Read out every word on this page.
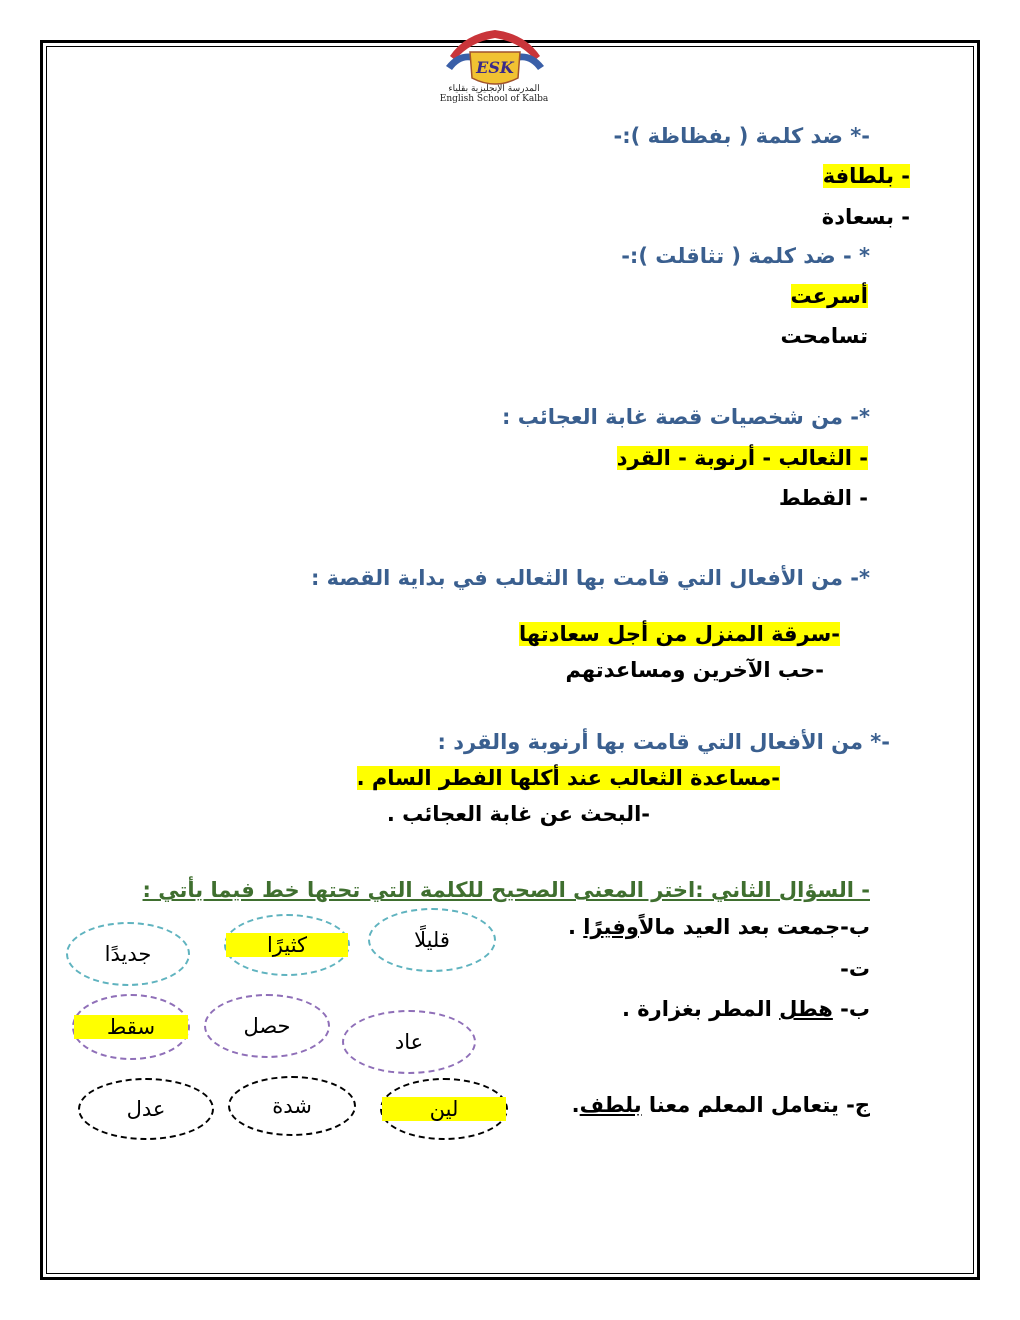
ESK
المدرسة الإنجليزية بقلياء
English School of Kalba
-* ضد كلمة ( بفظاظة ):-
- بلطافة
- بسعادة
* - ضد كلمة ( تثاقلت ):-
أسرعت
تسامحت
*- من شخصيات قصة غابة العجائب :
- الثعالب - أرنوبة - القرد
- القطط
*- من الأفعال التي قامت بها الثعالب في بداية القصة :
-سرقة المنزل من أجل سعادتها
-حب الآخرين ومساعدتهم
-* من الأفعال التي قامت بها أرنوبة والقرد :
-مساعدة الثعالب عند أكلها الفطر السام .
-البحث عن غابة العجائب .
- السؤال الثاني :اختر المعنى الصحيح للكلمة التي تحتها خط فيما يأتي :
ب-جمعت بعد العيد مالاًوفيرًا .
ت-
ب- هطل المطر بغزارة .
ج- يتعامل المعلم معنا بلطف.
قليلًا
كثيرًا
جديدًا
عاد
حصل
سقط
لين
شدة
عدل
